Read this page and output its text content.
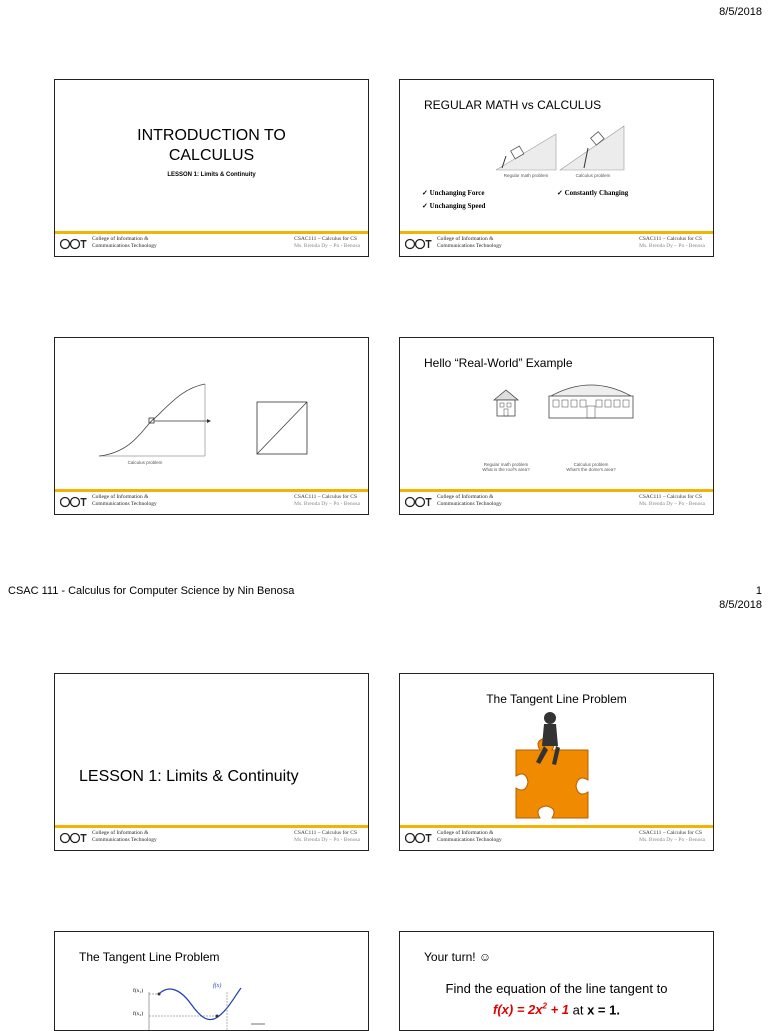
8/5/2018
INTRODUCTION TO
CALCULUS
LESSON 1: Limits & Continuity
College of Information &
Communications Technology
CSAC111 – Calculus for CS
Ms. Brenda Dy – Po - Benosa
REGULAR MATH vs CALCULUS
Regular math problem	Calculus problem
✓ Unchanging Force
✓ Unchanging Speed
✓ Constantly Changing
College of Information &
Communications Technology
CSAC111 – Calculus for CS
Ms. Brenda Dy – Po - Benosa
Calculus problem
College of Information &
Communications Technology
CSAC111 – Calculus for CS
Ms. Brenda Dy – Po - Benosa
Hello “Real-World” Example
Regular math problem
What is the roof's area?
Calculus problem
What's the dome's area?
College of Information &
Communications Technology
CSAC111 – Calculus for CS
Ms. Brenda Dy – Po - Benosa
CSAC 111 - Calculus for Computer Science by Nin Benosa	1
8/5/2018
LESSON 1: Limits & Continuity
College of Information &
Communications Technology
CSAC111 – Calculus for CS
Ms. Brenda Dy – Po - Benosa
The Tangent Line Problem
College of Information &
Communications Technology
CSAC111 – Calculus for CS
Ms. Brenda Dy – Po - Benosa
The Tangent Line Problem
f(x₁)
f(x₂)
f(x)
Your turn! ☺
Find the equation of the line tangent to
$f(x) = 2x^2 + 1$ at x = 1.
